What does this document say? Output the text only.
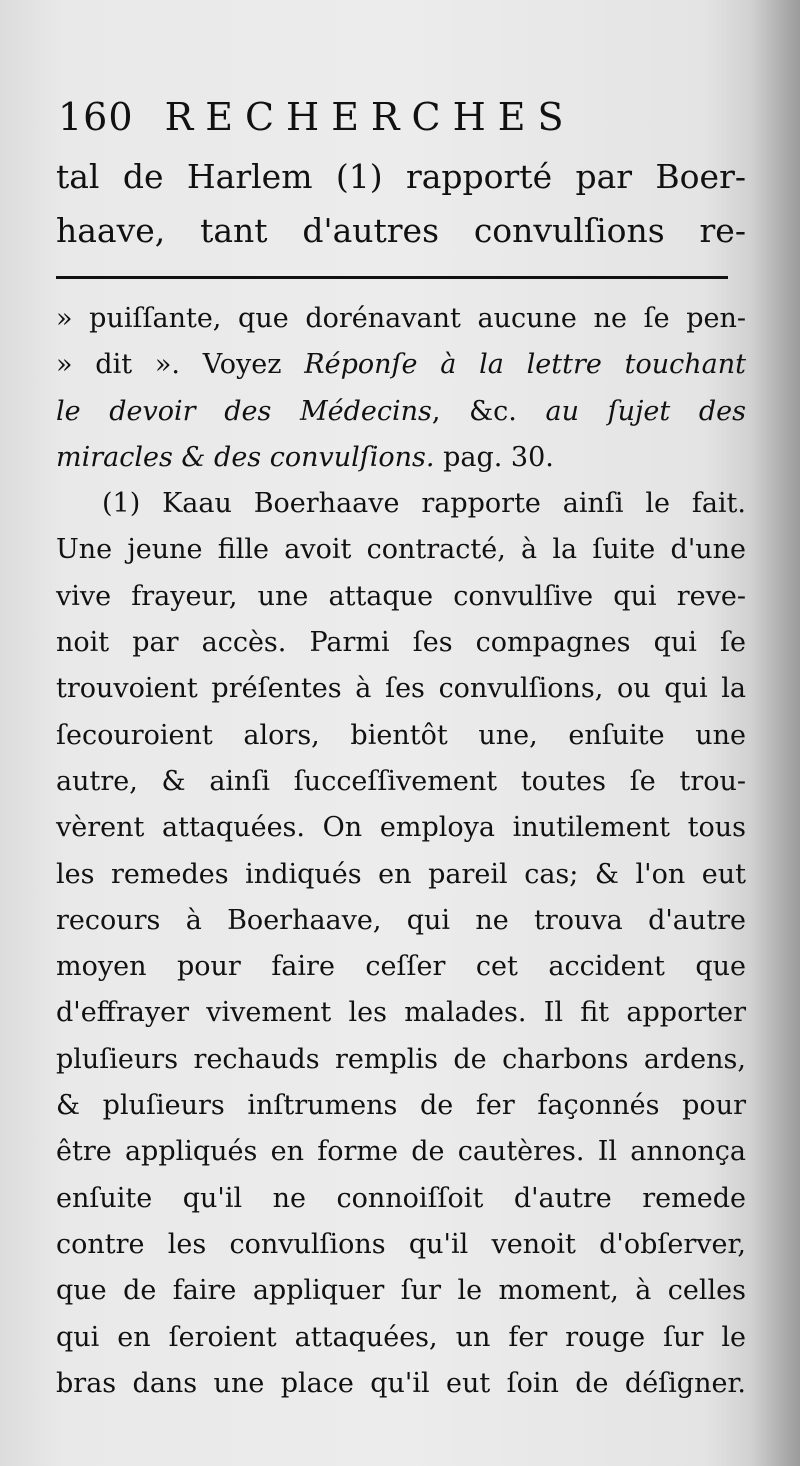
160 RECHERCHES
tal de Harlem (1) rapporté par Boer-
haave, tant d'autres convulſions re-
» puiſſante, que dorénavant aucune ne ſe pen-
» dit ». Voyez Réponſe à la lettre touchant
le devoir des Médecins, &c. au ſujet des
miracles & des convulſions. pag. 30.
(1) Kaau Boerhaave rapporte ainſi le fait.
Une jeune fille avoit contracté, à la ſuite d'une
vive frayeur, une attaque convulſive qui reve-
noit par accès. Parmi ſes compagnes qui ſe
trouvoient préſentes à ſes convulſions, ou qui la
ſecouroient alors, bientôt une, enſuite une
autre, & ainſi ſucceſſivement toutes ſe trou-
vèrent attaquées. On employa inutilement tous
les remedes indiqués en pareil cas; & l'on eut
recours à Boerhaave, qui ne trouva d'autre
moyen pour faire ceſſer cet accident que
d'effrayer vivement les malades. Il fit apporter
pluſieurs rechauds remplis de charbons ardens,
& pluſieurs inſtrumens de fer façonnés pour
être appliqués en forme de cautères. Il annonça
enſuite qu'il ne connoiſſoit d'autre remede
contre les convulſions qu'il venoit d'obſerver,
que de faire appliquer ſur le moment, à celles
qui en ſeroient attaquées, un fer rouge ſur le
bras dans une place qu'il eut ſoin de déſigner.
